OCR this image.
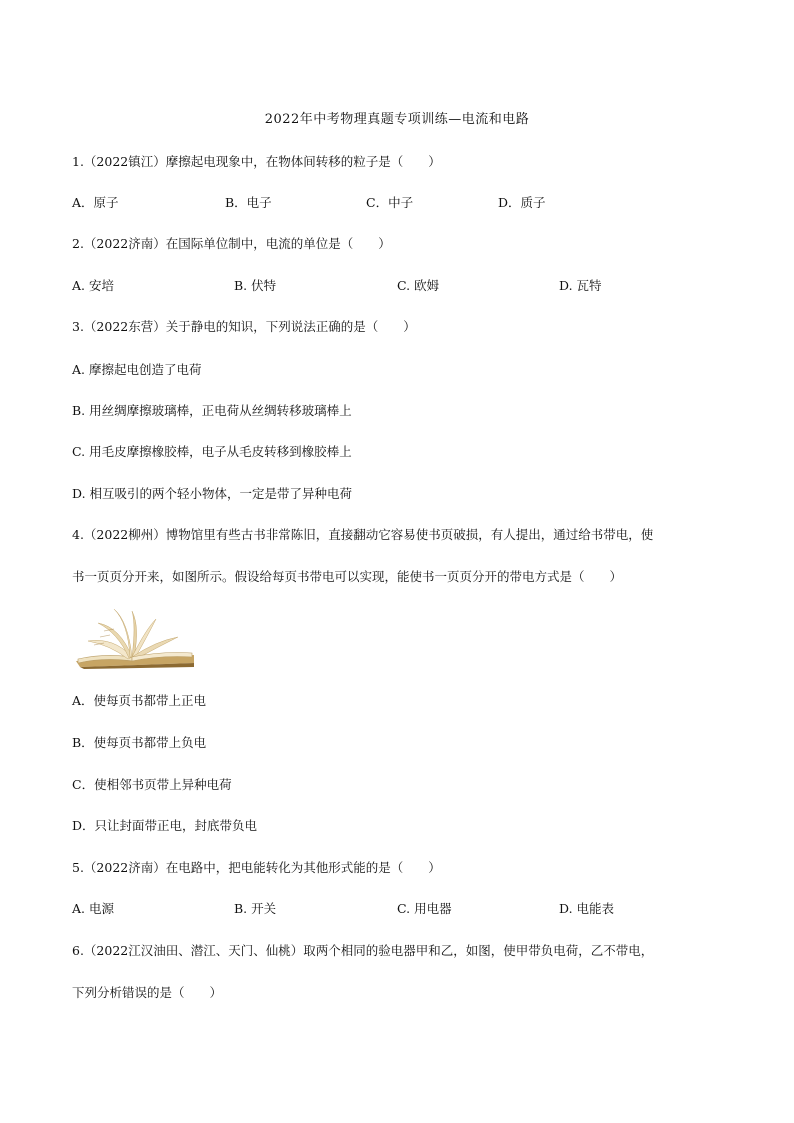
2022年中考物理真题专项训练—电流和电路
1.（2022镇江）摩擦起电现象中，在物体间转移的粒子是（　　）
A．原子	B．电子	C．中子	D．质子
2.（2022济南）在国际单位制中，电流的单位是（　　）
A. 安培	B. 伏特	C. 欧姆	D. 瓦特
3.（2022东营）关于静电的知识，下列说法正确的是（　　）
A. 摩擦起电创造了电荷
B. 用丝绸摩擦玻璃棒，正电荷从丝绸转移玻璃棒上
C. 用毛皮摩擦橡胶棒，电子从毛皮转移到橡胶棒上
D. 相互吸引的两个轻小物体，一定是带了异种电荷
4.（2022柳州）博物馆里有些古书非常陈旧，直接翻动它容易使书页破损，有人提出，通过给书带电，使
书一页页分开来，如图所示。假设给每页书带电可以实现，能使书一页页分开的带电方式是（　　）
A．使每页书都带上正电
B．使每页书都带上负电
C．使相邻书页带上异种电荷
D．只让封面带正电，封底带负电
5.（2022济南）在电路中，把电能转化为其他形式能的是（　　）
A. 电源	B. 开关	C. 用电器	D. 电能表
6.（2022江汉油田、潜江、天门、仙桃）取两个相同的验电器甲和乙，如图，使甲带负电荷，乙不带电，
下列分析错误的是（　　）
